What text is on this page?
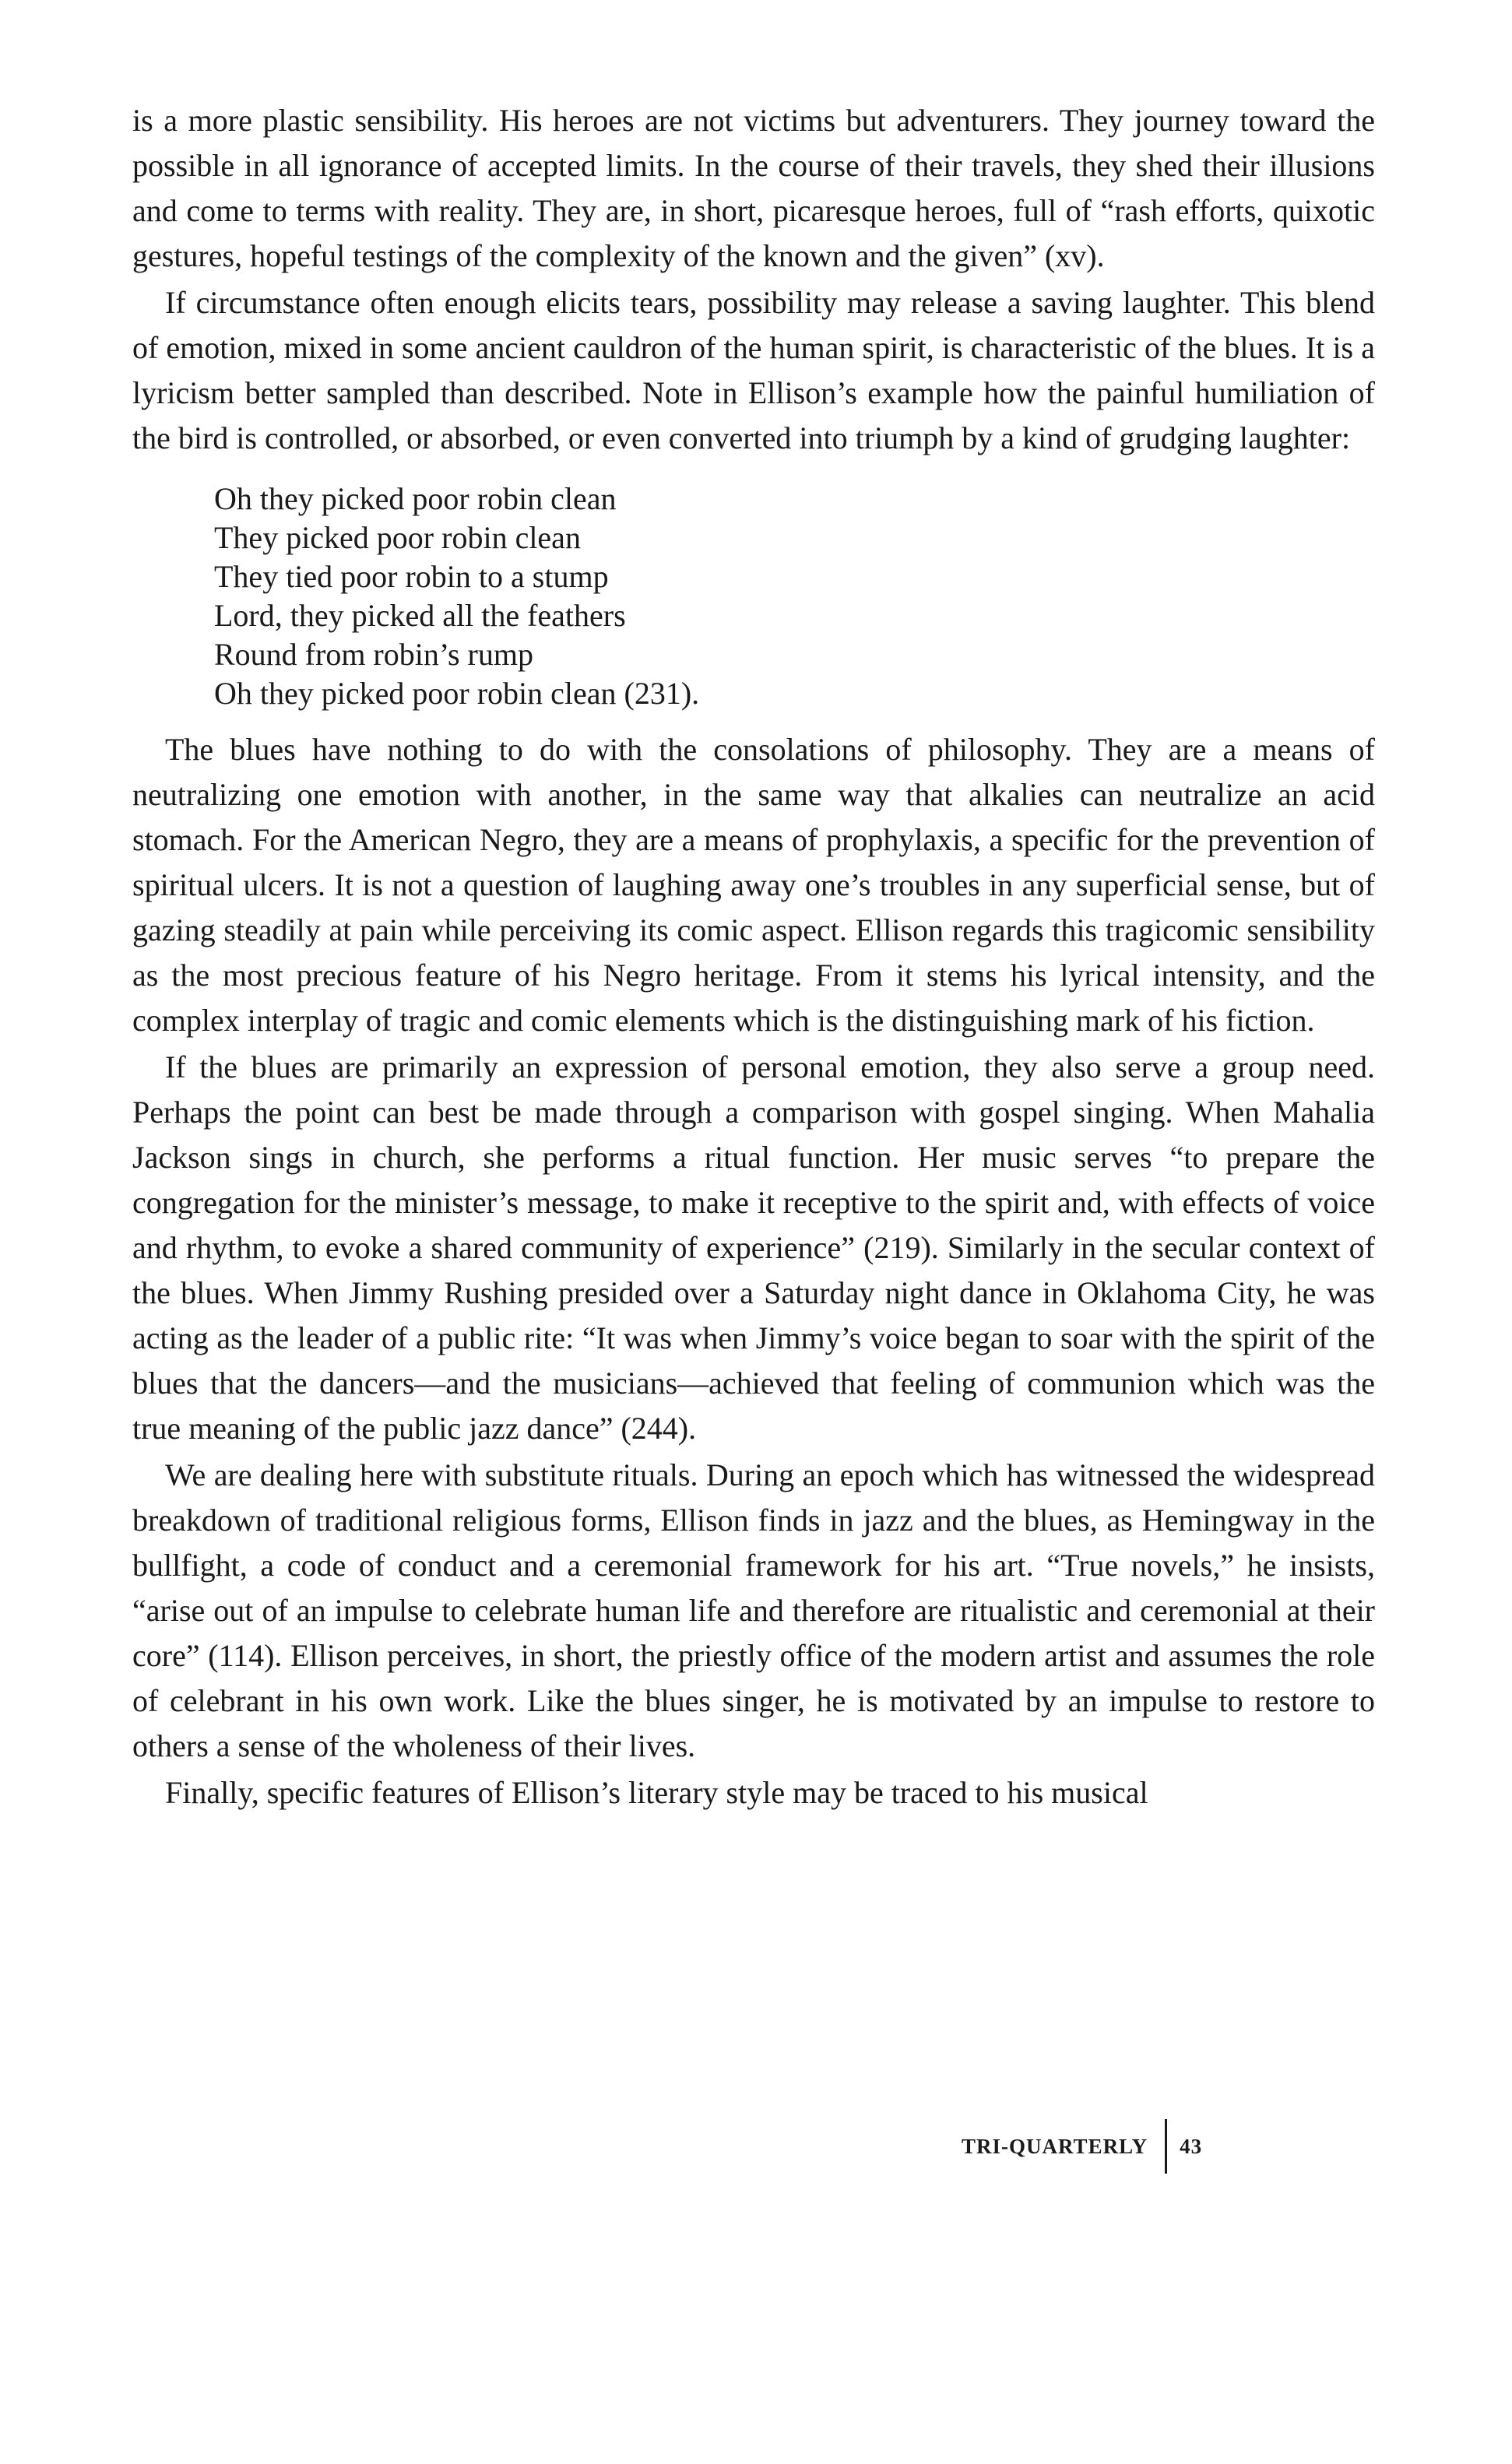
is a more plastic sensibility. His heroes are not victims but adventurers. They journey toward the possible in all ignorance of accepted limits. In the course of their travels, they shed their illusions and come to terms with reality. They are, in short, picaresque heroes, full of “rash efforts, quixotic gestures, hopeful testings of the complexity of the known and the given” (xv).

If circumstance often enough elicits tears, possibility may release a saving laughter. This blend of emotion, mixed in some ancient cauldron of the human spirit, is characteristic of the blues. It is a lyricism better sampled than described. Note in Ellison’s example how the painful humiliation of the bird is controlled, or absorbed, or even converted into triumph by a kind of grudging laughter:

Oh they picked poor robin clean
They picked poor robin clean
They tied poor robin to a stump
Lord, they picked all the feathers
Round from robin’s rump
Oh they picked poor robin clean (231).

The blues have nothing to do with the consolations of philosophy. They are a means of neutralizing one emotion with another, in the same way that alkalies can neutralize an acid stomach. For the American Negro, they are a means of prophylaxis, a specific for the prevention of spiritual ulcers. It is not a question of laughing away one’s troubles in any superficial sense, but of gazing steadily at pain while perceiving its comic aspect. Ellison regards this tragicomic sensibility as the most precious feature of his Negro heritage. From it stems his lyrical intensity, and the complex interplay of tragic and comic elements which is the distinguishing mark of his fiction.

If the blues are primarily an expression of personal emotion, they also serve a group need. Perhaps the point can best be made through a comparison with gospel singing. When Mahalia Jackson sings in church, she performs a ritual function. Her music serves “to prepare the congregation for the minister’s message, to make it receptive to the spirit and, with effects of voice and rhythm, to evoke a shared community of experience” (219). Similarly in the secular context of the blues. When Jimmy Rushing presided over a Saturday night dance in Oklahoma City, he was acting as the leader of a public rite: “It was when Jimmy’s voice began to soar with the spirit of the blues that the dancers—and the musicians—achieved that feeling of communion which was the true meaning of the public jazz dance” (244).

We are dealing here with substitute rituals. During an epoch which has witnessed the widespread breakdown of traditional religious forms, Ellison finds in jazz and the blues, as Hemingway in the bullfight, a code of conduct and a ceremonial framework for his art. “True novels,” he insists, “arise out of an impulse to celebrate human life and therefore are ritualistic and ceremonial at their core” (114). Ellison perceives, in short, the priestly office of the modern artist and assumes the role of celebrant in his own work. Like the blues singer, he is motivated by an impulse to restore to others a sense of the wholeness of their lives.

Finally, specific features of Ellison’s literary style may be traced to his musical

TRI-QUARTERLY 43
